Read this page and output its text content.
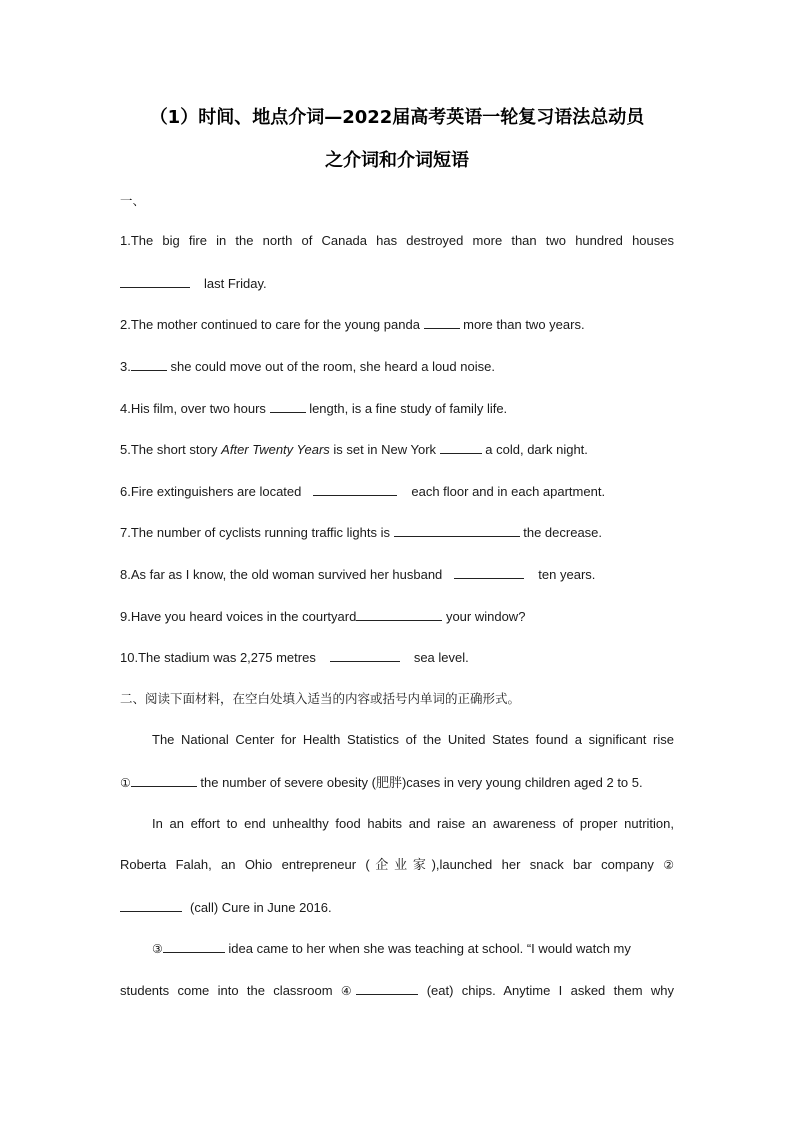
（1）时间、地点介词—2022届高考英语一轮复习语法总动员
之介词和介词短语
一、
1.The big fire in the north of Canada has destroyed more than two hundred houses
last Friday.
2.The mother continued to care for the young panda	more than two years.
3.	she could move out of the room, she heard a loud noise.
4.His film, over two hours	length, is a fine study of family life.
5.The short story After Twenty Years is set in New York	a cold, dark night.
6.Fire extinguishers are located	each floor and in each apartment.
7.The number of cyclists running traffic lights is	the decrease.
8.As far as I know, the old woman survived her husband	ten years.
9.Have you heard voices in the courtyard	your window?
10.The stadium was 2,275 metres	sea level.
二、阅读下面材料，在空白处填入适当的内容或括号内单词的正确形式。
The National Center for Health Statistics of the United States found a significant rise
①	the number of severe obesity (肥胖)cases in very young children aged 2 to 5.
In an effort to end unhealthy food habits and raise an awareness of proper nutrition,
Roberta Falah, an Ohio entrepreneur (企业家),launched her snack bar company ②
(call) Cure in June 2016.
③	idea came to her when she was teaching at school. “I would watch my
students come into the classroom ④	(eat) chips. Anytime I asked them why
